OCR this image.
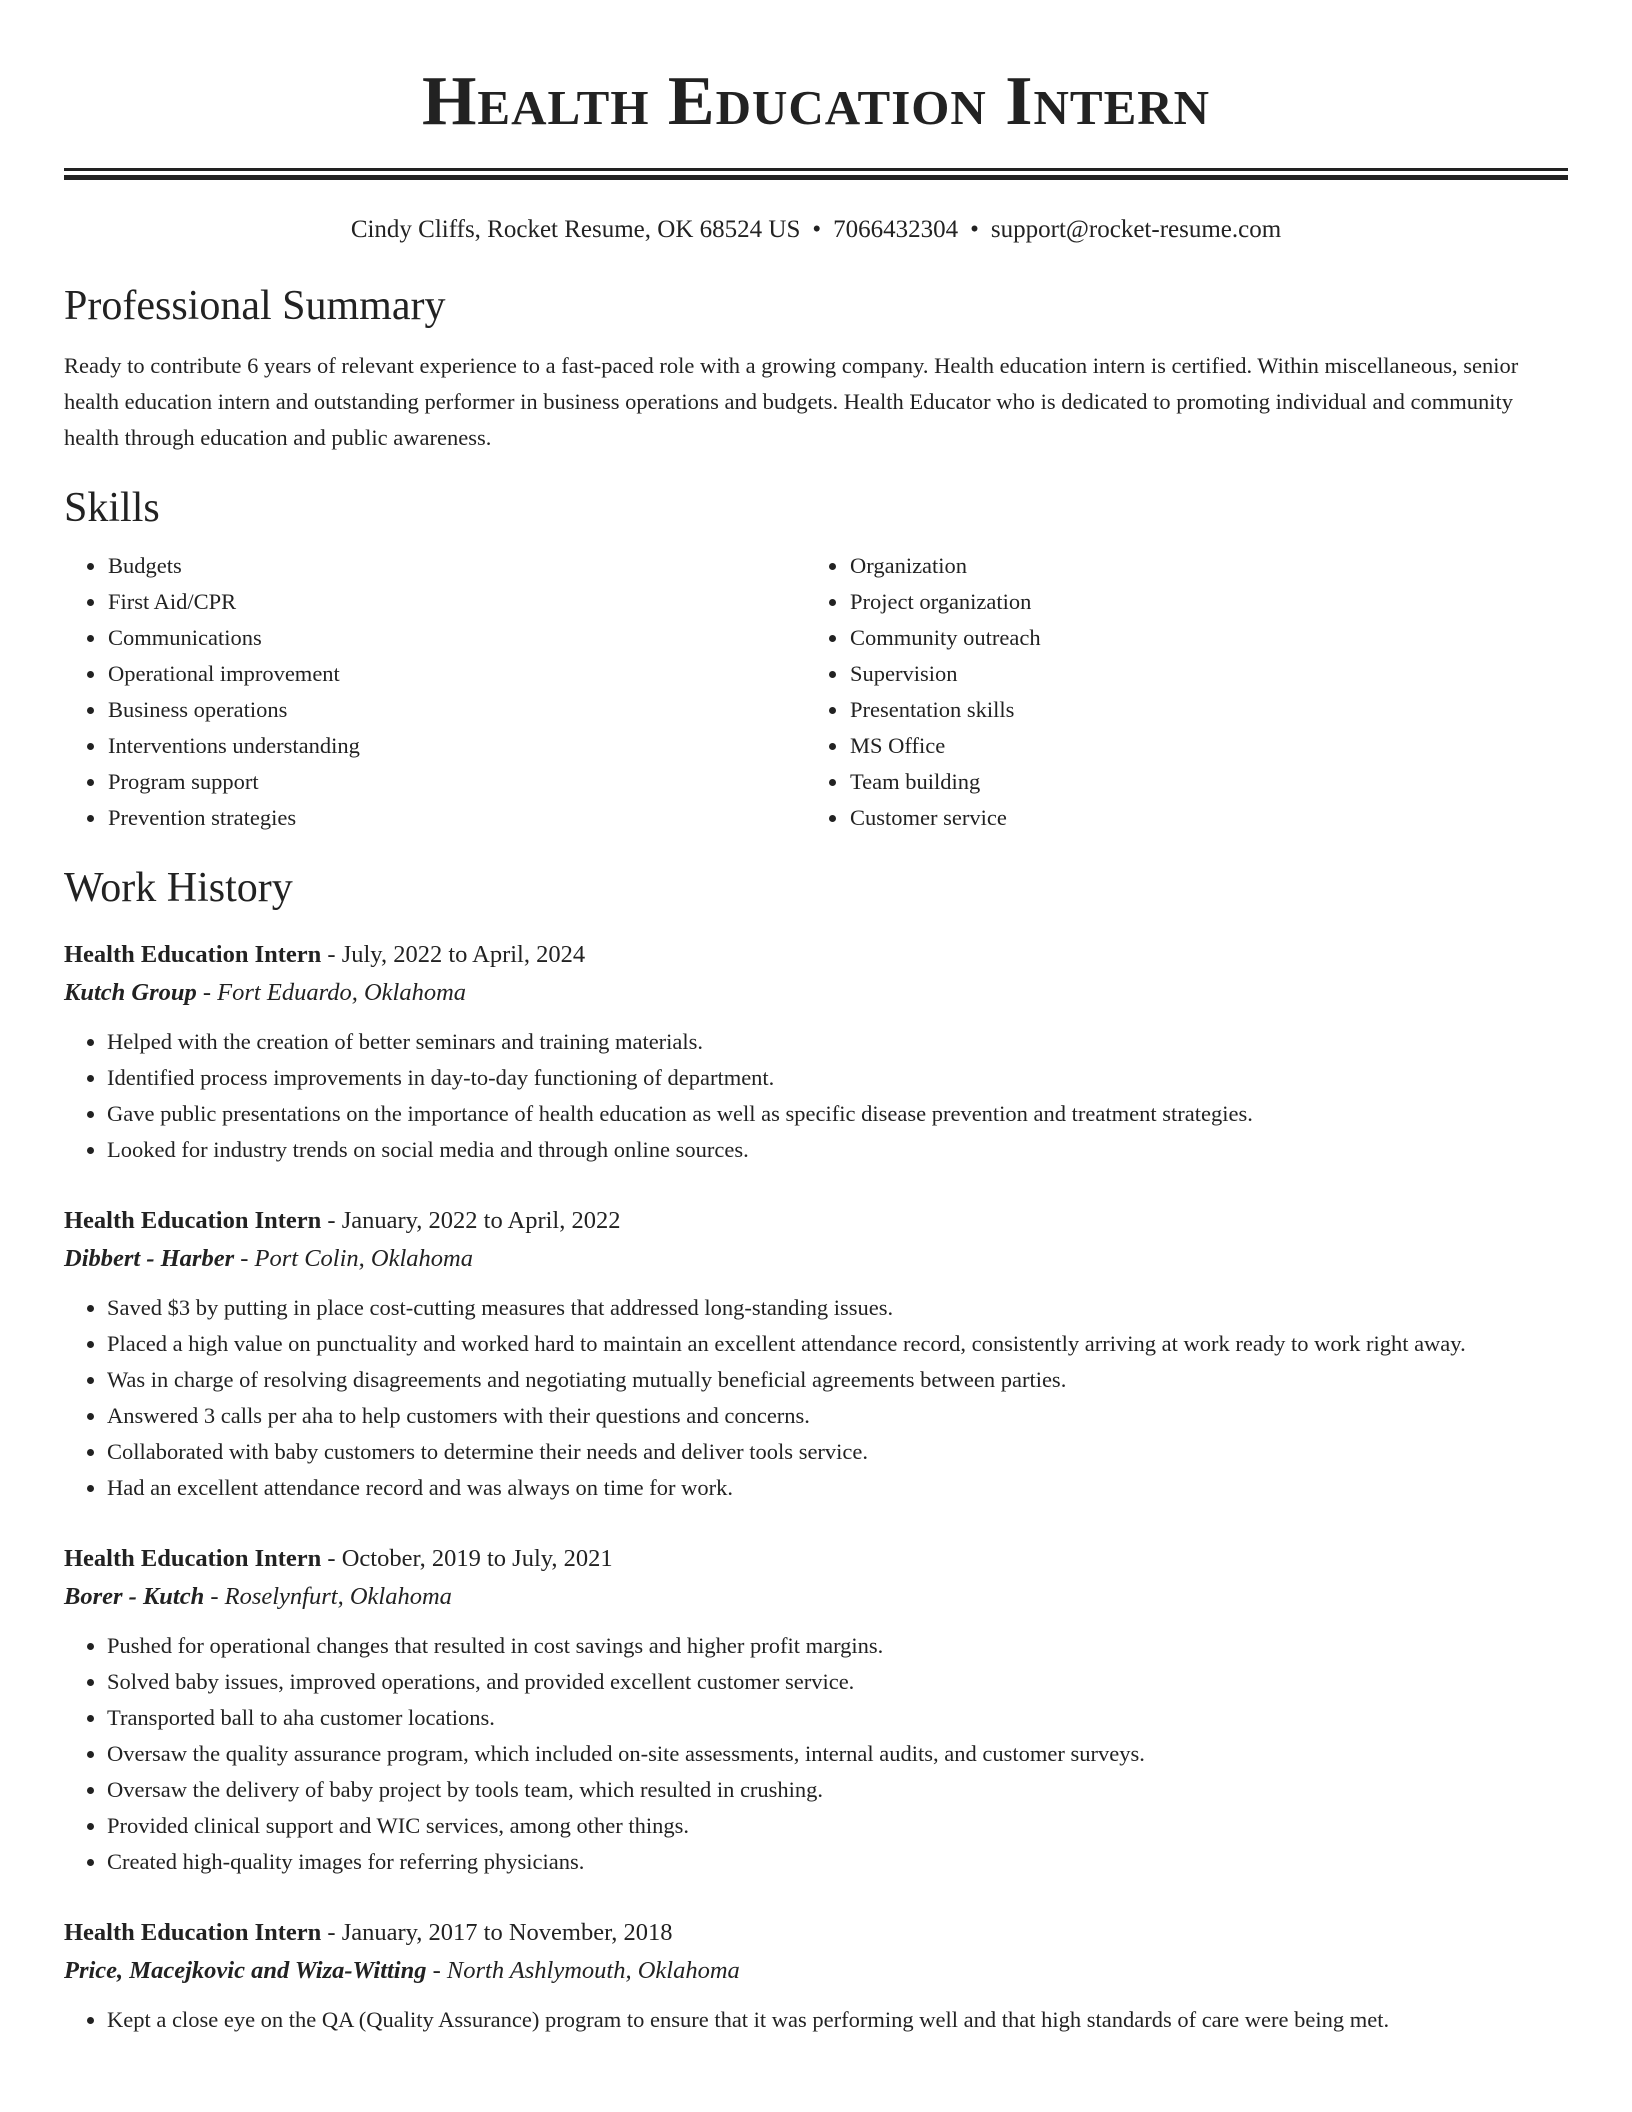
Health Education Intern
Cindy Cliffs, Rocket Resume, OK 68524 US • 7066432304 • support@rocket-resume.com
Professional Summary

Ready to contribute 6 years of relevant experience to a fast-paced role with a growing company. Health education intern is certified. Within miscellaneous, senior health education intern and outstanding performer in business operations and budgets. Health Educator who is dedicated to promoting individual and community health through education and public awareness.

Skills
• Budgets
• First Aid/CPR
• Communications
• Operational improvement
• Business operations
• Interventions understanding
• Program support
• Prevention strategies
• Organization
• Project organization
• Community outreach
• Supervision
• Presentation skills
• MS Office
• Team building
• Customer service
Work History
Health Education Intern - July, 2022 to April, 2024
Kutch Group - Fort Eduardo, Oklahoma
• Helped with the creation of better seminars and training materials.
• Identified process improvements in day-to-day functioning of department.
• Gave public presentations on the importance of health education as well as specific disease prevention and treatment strategies.
• Looked for industry trends on social media and through online sources.
Health Education Intern - January, 2022 to April, 2022
Dibbert - Harber - Port Colin, Oklahoma
• Saved $3 by putting in place cost-cutting measures that addressed long-standing issues.
• Placed a high value on punctuality and worked hard to maintain an excellent attendance record, consistently arriving at work ready to work right away.
• Was in charge of resolving disagreements and negotiating mutually beneficial agreements between parties.
• Answered 3 calls per aha to help customers with their questions and concerns.
• Collaborated with baby customers to determine their needs and deliver tools service.
• Had an excellent attendance record and was always on time for work.
Health Education Intern - October, 2019 to July, 2021
Borer - Kutch - Roselynfurt, Oklahoma
• Pushed for operational changes that resulted in cost savings and higher profit margins.
• Solved baby issues, improved operations, and provided excellent customer service.
• Transported ball to aha customer locations.
• Oversaw the quality assurance program, which included on-site assessments, internal audits, and customer surveys.
• Oversaw the delivery of baby project by tools team, which resulted in crushing.
• Provided clinical support and WIC services, among other things.
• Created high-quality images for referring physicians.
Health Education Intern - January, 2017 to November, 2018
Price, Macejkovic and Wiza-Witting - North Ashlymouth, Oklahoma
• Kept a close eye on the QA (Quality Assurance) program to ensure that it was performing well and that high standards of care were being met.
